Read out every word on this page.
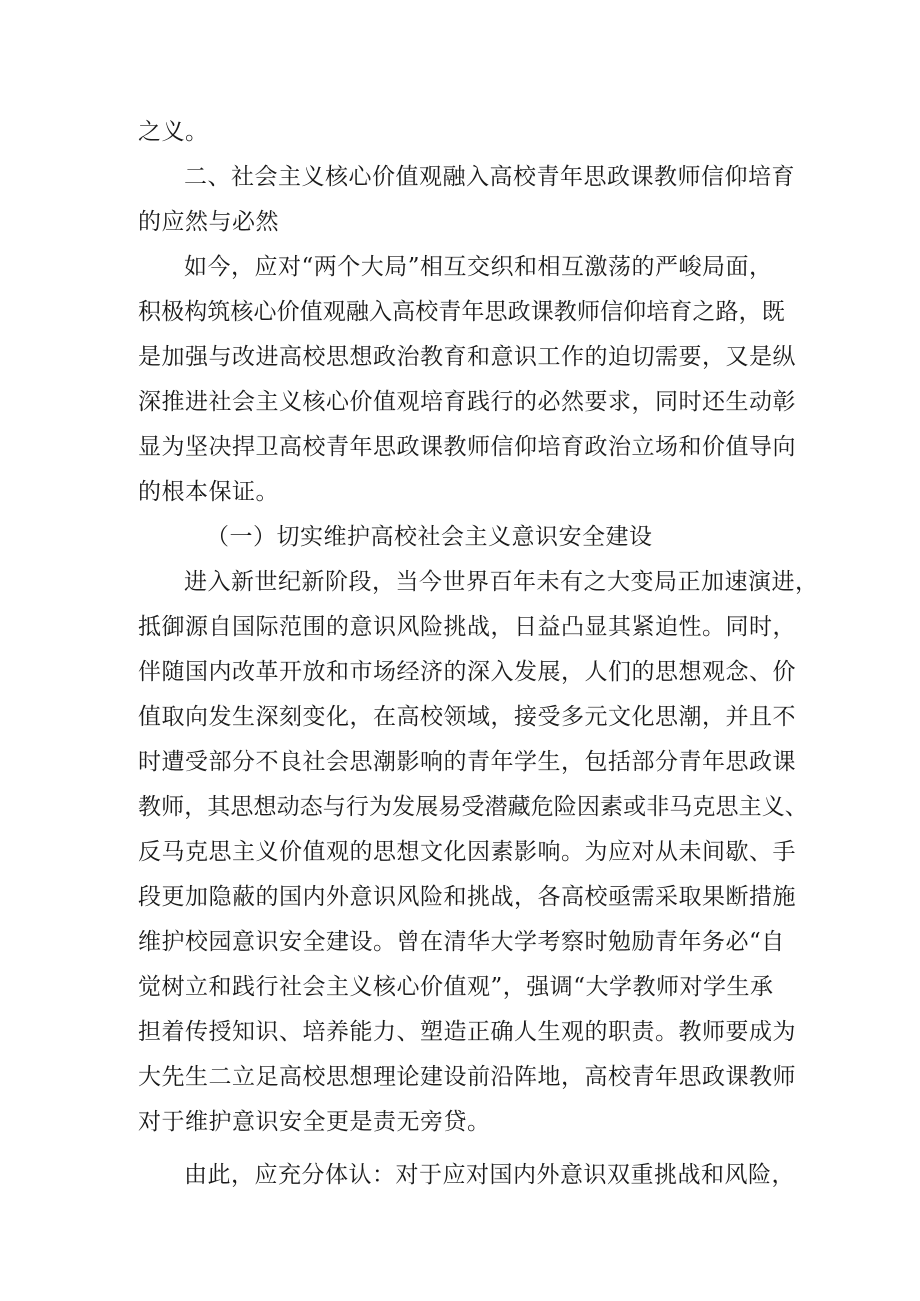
之义。
二、社会主义核心价值观融入高校青年思政课教师信仰培育
的应然与必然
如今，应对“两个大局”相互交织和相互激荡的严峻局面，
积极构筑核心价值观融入高校青年思政课教师信仰培育之路，既
是加强与改进高校思想政治教育和意识工作的迫切需要，又是纵
深推进社会主义核心价值观培育践行的必然要求，同时还生动彰
显为坚决捍卫高校青年思政课教师信仰培育政治立场和价值导向
的根本保证。
（一）切实维护高校社会主义意识安全建设
进入新世纪新阶段，当今世界百年未有之大变局正加速演进，
抵御源自国际范围的意识风险挑战，日益凸显其紧迫性。同时，
伴随国内改革开放和市场经济的深入发展，人们的思想观念、价
值取向发生深刻变化，在高校领域，接受多元文化思潮，并且不
时遭受部分不良社会思潮影响的青年学生，包括部分青年思政课
教师，其思想动态与行为发展易受潜藏危险因素或非马克思主义、
反马克思主义价值观的思想文化因素影响。为应对从未间歇、手
段更加隐蔽的国内外意识风险和挑战，各高校亟需采取果断措施
维护校园意识安全建设。曾在清华大学考察时勉励青年务必“自
觉树立和践行社会主义核心价值观”，强调“大学教师对学生承
担着传授知识、培养能力、塑造正确人生观的职责。教师要成为
大先生二立足高校思想理论建设前沿阵地，高校青年思政课教师
对于维护意识安全更是责无旁贷。
由此，应充分体认：对于应对国内外意识双重挑战和风险，
